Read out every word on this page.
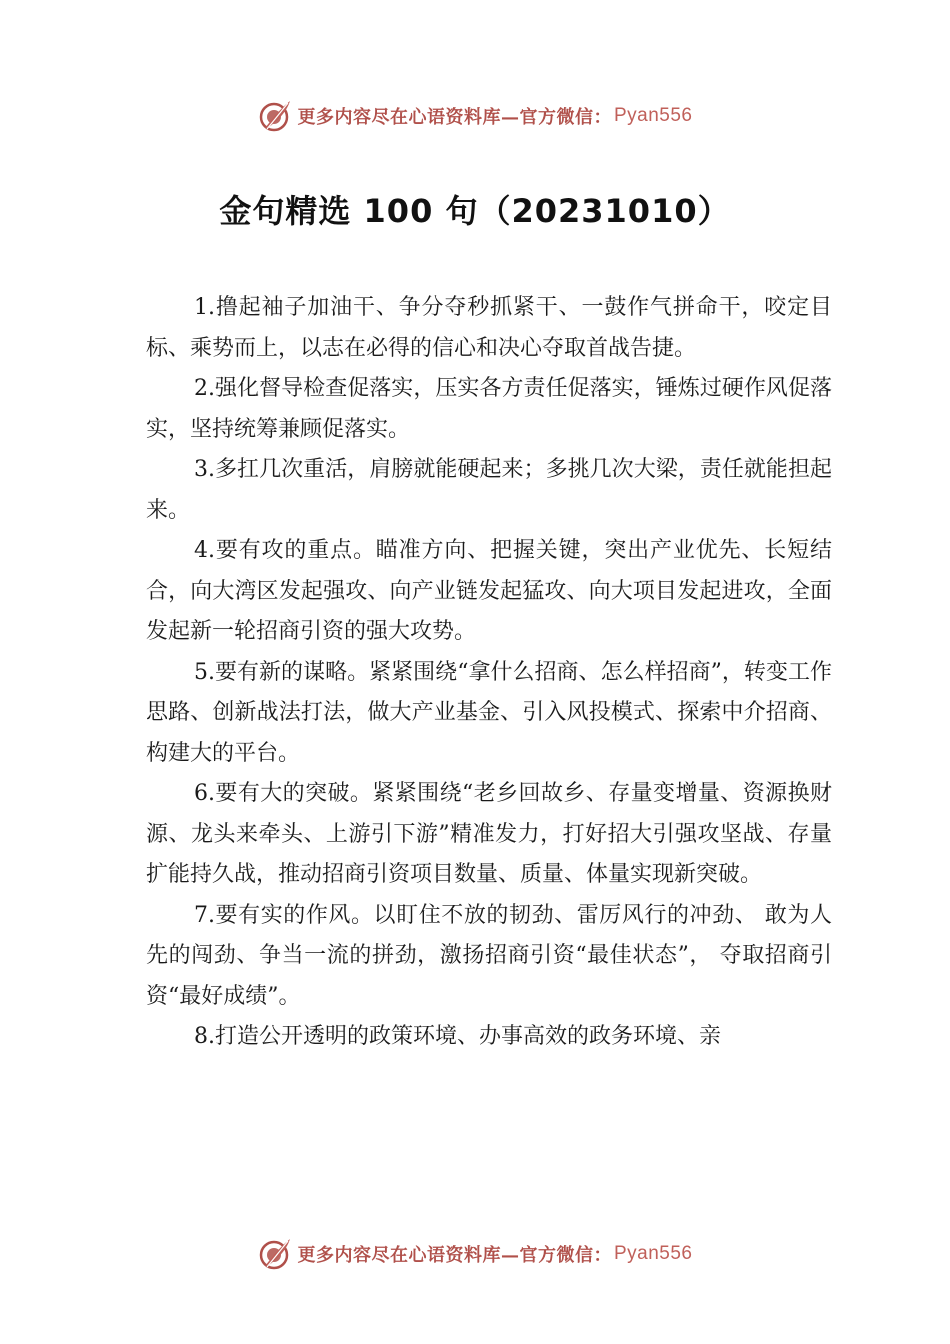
更多内容尽在心语资料库—官方微信： Pyan556
金句精选 100 句（20231010）

1.撸起袖子加油干、争分夺秒抓紧干、一鼓作气拼命干，咬定目标、乘势而上，以志在必得的信心和决心夺取首战告捷。

2.强化督导检查促落实，压实各方责任促落实，锤炼过硬作风促落实，坚持统筹兼顾促落实。

3.多扛几次重活，肩膀就能硬起来；多挑几次大梁，责任就能担起来。

4.要有攻的重点。瞄准方向、把握关键，突出产业优先、长短结合，向大湾区发起强攻、向产业链发起猛攻、向大项目发起进攻，全面发起新一轮招商引资的强大攻势。

5.要有新的谋略。紧紧围绕“拿什么招商、怎么样招商”，转变工作思路、创新战法打法，做大产业基金、引入风投模式、探索中介招商、构建大的平台。

6.要有大的突破。紧紧围绕“老乡回故乡、存量变增量、资源换财源、龙头来牵头、上游引下游”精准发力，打好招大引强攻坚战、存量扩能持久战，推动招商引资项目数量、质量、体量实现新突破。

7.要有实的作风。以盯住不放的韧劲、雷厉风行的冲劲、 敢为人先的闯劲、争当一流的拼劲，激扬招商引资“最佳状态”， 夺取招商引资“最好成绩”。

8.打造公开透明的政策环境、办事高效的政务环境、亲

更多内容尽在心语资料库—官方微信： Pyan556
